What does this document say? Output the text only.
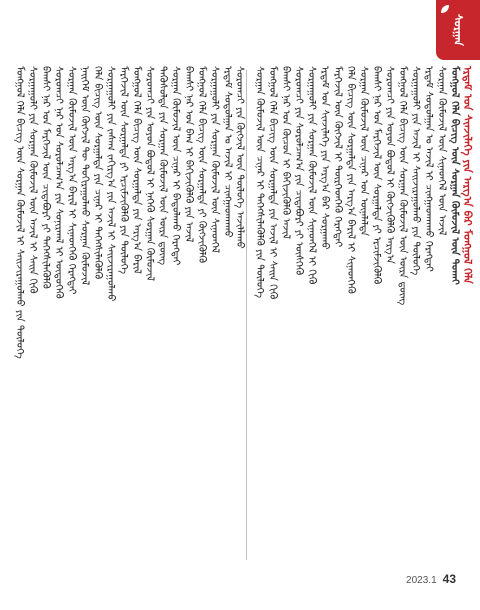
ᠰᠤᠷᠭᠠᠨ
ᠮᠣᠩᠭᠣᠯ ᠬᠡᠯᠡ ᠪᠢᠴᠢᠭ ᠦᠨ ᠰᠤᠷᠭᠠᠨ ᠬᠦᠮᠦᠵᠢᠯ ᠢ ᠰᠠᠢᠵᠢᠷᠠᠭᠤᠯᠬᠤ ᠶᠢᠨ ᠲᠥᠯᠥᠭᠡ ᠰᠤᠷᠭᠠᠭᠤᠯᠢ ᠶᠢᠨ ᠰᠤᠷᠭᠠᠨ ᠬᠦᠮᠦᠵᠢᠯ ᠦᠨ ᠠᠵᠢᠯ ᠢ ᠰᠠᠢᠨ ᠬᠢᠬᠦ ᠪᠠᠭᠰᠢ ᠨᠠᠷ ᠤᠨ ᠮᠡᠷᠭᠡᠵᠢᠯ ᠦᠨ ᠴᠢᠳᠠᠪᠤᠷᠢ ᠶᠢ ᠳᠡᠭᠡᠭᠰᠢᠯᠡᠭᠦᠯᠬᠦ ᠰᠤᠷᠤᠭᠴᠢ ᠨᠠᠷ ᠤᠨ ᠰᠤᠷᠤᠯᠴᠠᠭ᠎ᠠ ᠶᠢᠨ ᠰᠣᠨᠢᠷᠬᠠᠯ ᠢ ᠥᠳᠦᠭᠡᠬᠦ ᠰᠤᠷᠭᠠᠨ ᠬᠦᠮᠦᠵᠢᠯ ᠦᠨ ᠠᠷᠭ᠎ᠠ ᠪᠠᠷᠢᠯ ᠢ ᠰᠢᠨᠡᠳᠬᠡᠬᠦ ᠬᠡᠷᠡᠭᠲᠡᠢ ᠨᠡᠢᠭᠡᠮ ᠦᠨ ᠬᠥᠭᠵᠢᠯ ᠲᠦ ᠲᠣᠬᠢᠷᠠᠭᠤᠯᠬᠤ ᠰᠤᠷᠭᠠᠨ ᠬᠦᠮᠦᠵᠢᠯ ᠬᠡᠯᠡ ᠪᠢᠴᠢᠭ ᠦᠨ ᠰᠤᠷᠭᠠᠯᠲᠠ ᠶᠢᠨ ᠴᠢᠨᠠᠷ ᠢ ᠳᠡᠭᠡᠭᠰᠢᠯᠡᠭᠦᠯᠬᠦ ᠰᠤᠷᠭᠠᠭᠤᠯᠢ ᠶᠢᠨ ᠵᠠᠰᠠᠭ ᠵᠠᠬᠢᠷᠭ᠎ᠠ ᠶᠢᠨ ᠠᠵᠢᠯ ᠢ ᠰᠠᠢᠵᠢᠷᠠᠭᠤᠯᠬᠤ ᠮᠡᠷᠭᠡᠵᠢᠯ ᠦᠨ ᠰᠤᠷᠭᠠᠯᠲᠠ ᠶᠢ ᠡᠷᠴᠢᠮᠵᠢᠭᠦᠯᠬᠦ ᠶᠢᠨ ᠲᠥᠯᠥᠭᠡ ᠮᠣᠩᠭᠣᠯ ᠬᠡᠯᠡ ᠪᠢᠴᠢᠭ ᠦᠨ ᠰᠤᠷᠭᠠᠯᠲᠠ ᠶᠢᠨ ᠠᠷᠭ᠎ᠠ ᠪᠠᠷᠢᠯ ᠰᠤᠷᠤᠭᠴᠢ ᠶᠢᠨ ᠣᠶᠤᠨ ᠪᠣᠳᠤᠯ ᠢ ᠨᠡᠭᠡᠬᠦ ᠰᠤᠷᠭᠠᠨ ᠬᠦᠮᠦᠵᠢᠯ ᠲᠡᠭᠦᠰᠦᠯᠲᠡ ᠶᠢᠨ ᠰᠤᠷᠭᠠᠨ ᠬᠦᠮᠦᠵᠢᠯ ᠦᠨ ᠦᠷᠡ ᠳ᠋ᠦᠩ ᠰᠤᠷᠭᠠᠨ ᠬᠦᠮᠦᠵᠢᠯ ᠦᠨ ᠴᠢᠨᠠᠷ ᠢ ᠪᠠᠲᠤᠯᠠᠬᠤ ᠬᠡᠷᠡᠭᠲᠡᠢ ᠪᠠᠭᠰᠢ ᠨᠠᠷ ᠤᠨ ᠪᠠᠭ ᠢ ᠪᠡᠬᠢᠵᠢᠭᠦᠯᠬᠦ ᠶᠢᠨ ᠠᠵᠢᠯ ᠮᠣᠩᠭᠣᠯ ᠬᠡᠯᠡ ᠪᠢᠴᠢᠭ ᠦᠨ ᠰᠤᠷᠭᠠᠯᠲᠠ ᠶᠢ ᠬᠥᠭᠵᠢᠭᠦᠯᠬᠦ ᠰᠤᠷᠭᠠᠭᠤᠯᠢ ᠶᠢᠨ ᠰᠤᠷᠭᠠᠨ ᠬᠦᠮᠦᠵᠢᠯ ᠦᠨ ᠰᠢᠨᠡᠳᠬᠡᠯ ᠡᠷᠳᠡᠮ ᠰᠤᠳᠤᠯᠭᠠᠨ ᠤ ᠠᠵᠢᠯ ᠢ ᠴᠢᠩᠭᠠᠳᠬᠠᠬᠤ ᠰᠤᠷᠤᠭᠴᠢ ᠶᠢᠨ ᠬᠥᠭᠵᠢᠯ ᠦᠨ ᠲᠥᠯᠥᠭᠡ ᠠᠵᠢᠯᠯᠠᠬᠤ ᠰᠤᠷᠭᠠᠨ ᠬᠦᠮᠦᠵᠢᠯ ᠦᠨ ᠴᠢᠨᠠᠷ ᠢ ᠳᠡᠭᠡᠭᠰᠢᠯᠡᠭᠦᠯᠬᠦ ᠶᠢᠨ ᠲᠥᠯᠥᠭᠡ ᠮᠣᠩᠭᠣᠯ ᠬᠡᠯᠡ ᠪᠢᠴᠢᠭ ᠦᠨ ᠰᠤᠷᠭᠠᠯᠲᠠ ᠶᠢᠨ ᠠᠵᠢᠯ ᠢ ᠰᠠᠢᠨ ᠬᠢᠬᠦ ᠪᠠᠭᠰᠢ ᠨᠠᠷ ᠤᠨ ᠬᠦᠴᠦᠨ ᠢ ᠪᠡᠬᠢᠵᠢᠭᠦᠯᠬᠦ ᠠᠵᠢᠯ ᠰᠤᠷᠤᠭᠴᠢ ᠶᠢᠨ ᠰᠤᠷᠤᠯᠴᠠᠭ᠎ᠠ ᠶᠢᠨ ᠴᠢᠳᠠᠪᠤᠷᠢ ᠶᠢ ᠥᠰᠬᠡᠬᠦ ᠰᠤᠷᠭᠠᠭᠤᠯᠢ ᠶᠢᠨ ᠰᠤᠷᠭᠠᠨ ᠬᠦᠮᠦᠵᠢᠯ ᠦᠨ ᠰᠢᠨᠡᠳᠬᠡᠯ ᠢ ᠬᠢᠬᠦ ᠡᠷᠳᠡᠮ ᠤᠨ ᠰᠢᠨᠵᠢᠯᠡᠭᠡ ᠶᠢᠨ ᠠᠷᠭ᠎ᠠ ᠪᠠᠷ ᠰᠤᠷᠭᠠᠬᠤ ᠮᠡᠷᠭᠡᠵᠢᠯ ᠦᠨ ᠬᠥᠭᠵᠢᠯ ᠢ ᠲᠦᠷᠭᠡᠳᠬᠡᠬᠦ ᠬᠡᠷᠡᠭᠲᠡᠢ ᠬᠡᠯᠡ ᠪᠢᠴᠢᠭ ᠦᠨ ᠰᠤᠷᠭᠠᠯᠲᠠ ᠶᠢᠨ ᠠᠷᠭ᠎ᠠ ᠪᠠᠷᠢᠯ ᠢ ᠰᠢᠨᠡᠳᠬᠡᠬᠦ ᠰᠤᠷᠭᠠᠨ ᠬᠦᠮᠦᠵᠢᠯ ᠦᠨ ᠴᠢᠨᠠᠷ ᠤᠨ ᠦᠨᠡᠯᠡᠯᠲᠡ ᠪᠠᠭᠰᠢ ᠨᠠᠷ ᠤᠨ ᠮᠡᠷᠭᠡᠵᠢᠯ ᠦᠨ ᠰᠤᠷᠭᠠᠯᠲᠠ ᠶᠢ ᠡᠷᠴᠢᠮᠵᠢᠭᠦᠯᠬᠦ ᠰᠤᠷᠤᠭᠴᠢ ᠶᠢᠨ ᠣᠶᠤᠨ ᠪᠣᠳᠤᠯ ᠢ ᠬᠥᠭᠵᠢᠭᠦᠯᠬᠦ ᠠᠷᠭ᠎ᠠ ᠮᠣᠩᠭᠣᠯ ᠬᠡᠯᠡ ᠪᠢᠴᠢᠭ ᠦᠨ ᠰᠤᠷᠭᠠᠨ ᠬᠦᠮᠦᠵᠢᠯ ᠦᠨ ᠦᠷᠡ ᠳ᠋ᠦᠩ ᠰᠤᠷᠭᠠᠭᠤᠯᠢ ᠶᠢᠨ ᠠᠵᠢᠯ ᠢ ᠰᠠᠢᠵᠢᠷᠠᠭᠤᠯᠬᠤ ᠶᠢᠨ ᠲᠥᠯᠥᠭᠡ ᠡᠷᠳᠡᠮ ᠰᠤᠳᠤᠯᠭᠠᠨ ᠤ ᠠᠵᠢᠯ ᠢ ᠴᠢᠩᠭᠠᠳᠬᠠᠬᠤ ᠬᠡᠷᠡᠭᠲᠡᠢ ᠰᠤᠷᠭᠠᠨ ᠬᠦᠮᠦᠵᠢᠯ ᠦᠨ ᠰᠢᠨᠡᠳᠬᠡᠯ ᠦᠨ ᠠᠵᠢᠯ ᠮᠣᠩᠭᠣᠯ ᠬᠡᠯᠡ ᠪᠢᠴᠢᠭ ᠦᠨ ᠰᠤᠷᠭᠠᠨ ᠬᠦᠮᠦᠵᠢᠯ ᠦᠨ ᠲᠤᠬᠠᠢ ᠡᠷᠳᠡᠮ ᠤᠨ ᠰᠢᠨᠵᠢᠯᠡᠭᠡ ᠶᠢᠨ ᠠᠷᠭ᠎ᠠ ᠪᠠᠷ ᠮᠣᠩᠭᠣᠯ ᠬᠡᠯᠡ
2023.1 43
